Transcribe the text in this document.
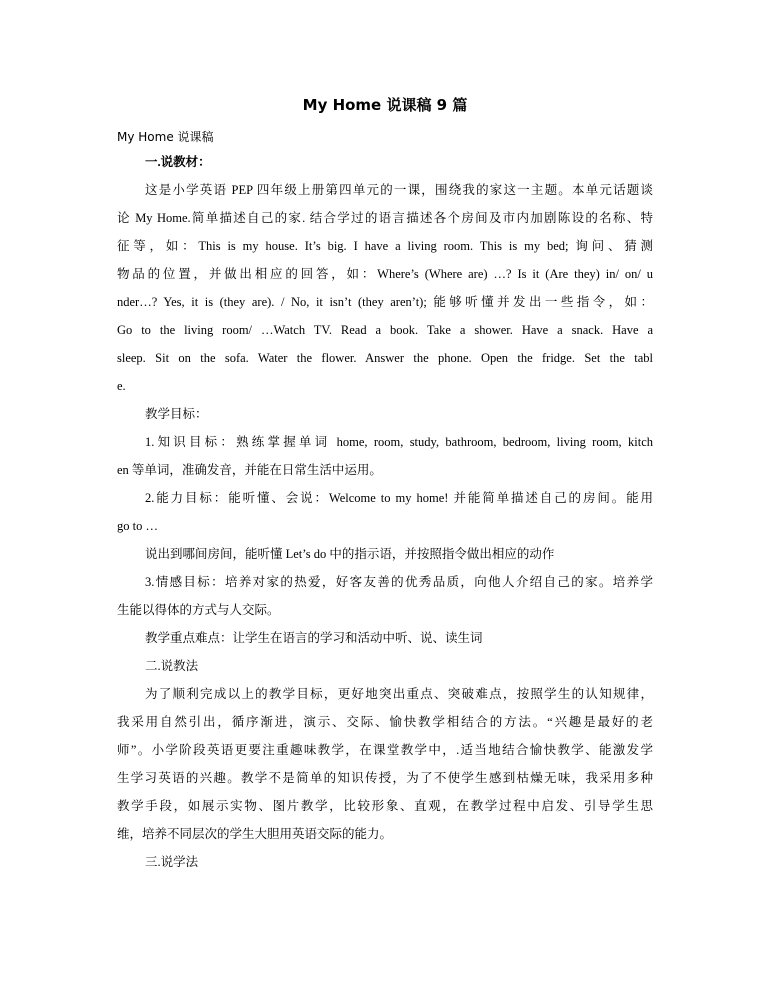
My Home 说课稿 9 篇
My Home 说课稿
一.说教材：
这是小学英语 PEP 四年级上册第四单元的一课，围绕我的家这一主题。本单元话题谈
论 My Home.简单描述自己的家. 结合学过的语言描述各个房间及市内加剧陈设的名称、特
征等，如：This is my house. It’s big. I have a living room. This is my bed; 询问、猜测
物品的位置，并做出相应的回答，如：Where’s (Where are) …? Is it (Are they) in/ on/ u
nder…? Yes, it is (they are). / No, it isn’t (they aren’t); 能够听懂并发出一些指令，如：
Go to the living room/ …Watch TV. Read a book. Take a shower. Have a snack. Have a
sleep. Sit on the sofa. Water the flower. Answer the phone. Open the fridge. Set the tabl
e.
教学目标：
1.知识目标：熟练掌握单词 home, room, study, bathroom, bedroom, living room, kitch
en 等单词，准确发音，并能在日常生活中运用。
2.能力目标：能听懂、会说：Welcome to my home! 并能简单描述自己的房间。能用
go to …
说出到哪间房间，能听懂 Let’s do 中的指示语，并按照指令做出相应的动作
3.情感目标：培养对家的热爱，好客友善的优秀品质，向他人介绍自己的家。培养学
生能以得体的方式与人交际。
教学重点难点：让学生在语言的学习和活动中听、说、读生词
二.说教法
为了顺利完成以上的教学目标，更好地突出重点、突破难点，按照学生的认知规律，
我采用自然引出，循序渐进，演示、交际、愉快教学相结合的方法。“兴趣是最好的老
师”。小学阶段英语更要注重趣味教学，在课堂教学中，.适当地结合愉快教学、能激发学
生学习英语的兴趣。教学不是简单的知识传授，为了不使学生感到枯燥无味，我采用多种
教学手段，如展示实物、图片教学，比较形象、直观，在教学过程中启发、引导学生思
维，培养不同层次的学生大胆用英语交际的能力。
三.说学法
